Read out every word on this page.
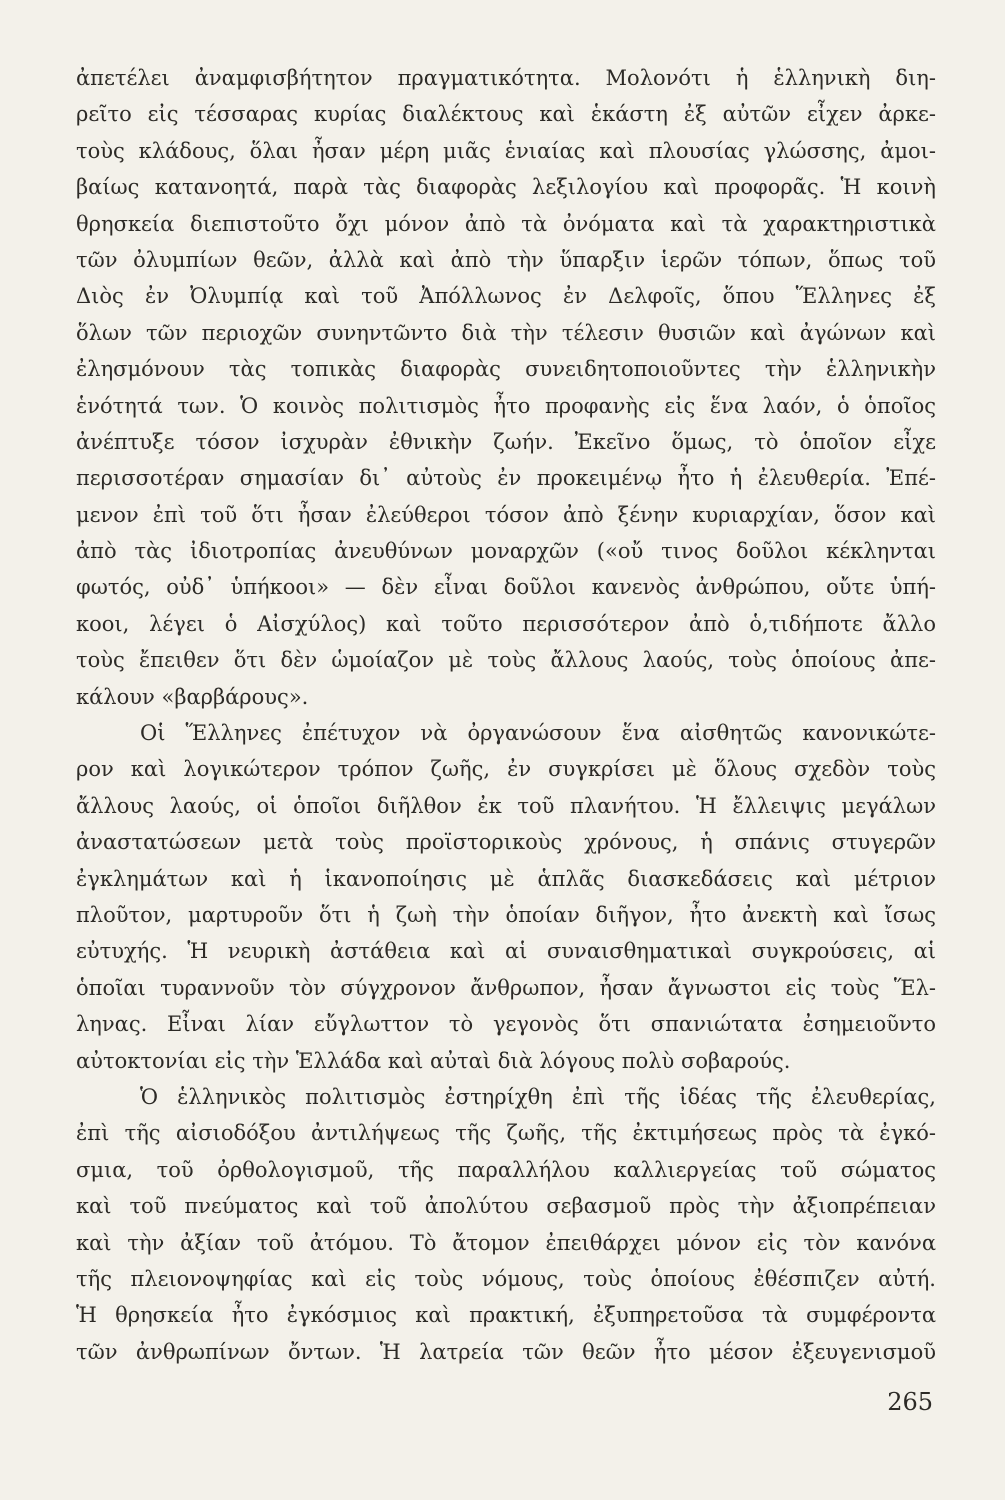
ἀπετέλει ἀναμφισβήτητον πραγματικότητα. Μολονότι ἡ ἑλληνικὴ διη-
ρεῖτο εἰς τέσσαρας κυρίας διαλέκτους καὶ ἑκάστη ἐξ αὐτῶν εἶχεν ἀρκε-
τοὺς κλάδους, ὅλαι ἦσαν μέρη μιᾶς ἑνιαίας καὶ πλουσίας γλώσσης, ἀμοι-
βαίως κατανοητά, παρὰ τὰς διαφορὰς λεξιλογίου καὶ προφορᾶς. Ἡ κοινὴ
θρησκεία διεπιστοῦτο ὄχι μόνον ἀπὸ τὰ ὀνόματα καὶ τὰ χαρακτηριστικὰ
τῶν ὀλυμπίων θεῶν, ἀλλὰ καὶ ἀπὸ τὴν ὕπαρξιν ἱερῶν τόπων, ὅπως τοῦ
Διὸς ἐν Ὀλυμπίᾳ καὶ τοῦ Ἀπόλλωνος ἐν Δελφοῖς, ὅπου Ἕλληνες ἐξ
ὅλων τῶν περιοχῶν συνηντῶντο διὰ τὴν τέλεσιν θυσιῶν καὶ ἀγώνων καὶ
ἐλησμόνουν τὰς τοπικὰς διαφορὰς συνειδητοποιοῦντες τὴν ἑλληνικὴν
ἑνότητά των. Ὁ κοινὸς πολιτισμὸς ἦτο προφανὴς εἰς ἕνα λαόν, ὁ ὁποῖος
ἀνέπτυξε τόσον ἰσχυρὰν ἐθνικὴν ζωήν. Ἐκεῖνο ὅμως, τὸ ὁποῖον εἶχε
περισσοτέραν σημασίαν δι᾽ αὐτοὺς ἐν προκειμένῳ ἦτο ἡ ἐλευθερία. Ἐπέ-
μενον ἐπὶ τοῦ ὅτι ἦσαν ἐλεύθεροι τόσον ἀπὸ ξένην κυριαρχίαν, ὅσον καὶ
ἀπὸ τὰς ἰδιοτροπίας ἀνευθύνων μοναρχῶν («οὔ τινος δοῦλοι κέκληνται
φωτός, οὐδ᾽ ὑπήκοοι» — δὲν εἶναι δοῦλοι κανενὸς ἀνθρώπου, οὔτε ὑπή-
κοοι, λέγει ὁ Αἰσχύλος) καὶ τοῦτο περισσότερον ἀπὸ ὁ,τιδήποτε ἄλλο
τοὺς ἔπειθεν ὅτι δὲν ὡμοίαζον μὲ τοὺς ἄλλους λαούς, τοὺς ὁποίους ἀπε-
κάλουν «βαρβάρους».
Οἱ Ἕλληνες ἐπέτυχον νὰ ὀργανώσουν ἕνα αἰσθητῶς κανονικώτε-
ρον καὶ λογικώτερον τρόπον ζωῆς, ἐν συγκρίσει μὲ ὅλους σχεδὸν τοὺς
ἄλλους λαούς, οἱ ὁποῖοι διῆλθον ἐκ τοῦ πλανήτου. Ἡ ἔλλειψις μεγάλων
ἀναστατώσεων μετὰ τοὺς προϊστορικοὺς χρόνους, ἡ σπάνις στυγερῶν
ἐγκλημάτων καὶ ἡ ἱκανοποίησις μὲ ἁπλᾶς διασκεδάσεις καὶ μέτριον
πλοῦτον, μαρτυροῦν ὅτι ἡ ζωὴ τὴν ὁποίαν διῆγον, ἦτο ἀνεκτὴ καὶ ἴσως
εὐτυχής. Ἡ νευρικὴ ἀστάθεια καὶ αἱ συναισθηματικαὶ συγκρούσεις, αἱ
ὁποῖαι τυραννοῦν τὸν σύγχρονον ἄνθρωπον, ἦσαν ἄγνωστοι εἰς τοὺς Ἕλ-
ληνας. Εἶναι λίαν εὔγλωττον τὸ γεγονὸς ὅτι σπανιώτατα ἐσημειοῦντο
αὐτοκτονίαι εἰς τὴν Ἑλλάδα καὶ αὐταὶ διὰ λόγους πολὺ σοβαρούς.
Ὁ ἑλληνικὸς πολιτισμὸς ἐστηρίχθη ἐπὶ τῆς ἰδέας τῆς ἐλευθερίας,
ἐπὶ τῆς αἰσιοδόξου ἀντιλήψεως τῆς ζωῆς, τῆς ἐκτιμήσεως πρὸς τὰ ἐγκό-
σμια, τοῦ ὀρθολογισμοῦ, τῆς παραλλήλου καλλιεργείας τοῦ σώματος
καὶ τοῦ πνεύματος καὶ τοῦ ἀπολύτου σεβασμοῦ πρὸς τὴν ἀξιοπρέπειαν
καὶ τὴν ἀξίαν τοῦ ἀτόμου. Τὸ ἄτομον ἐπειθάρχει μόνον εἰς τὸν κανόνα
τῆς πλειονοψηφίας καὶ εἰς τοὺς νόμους, τοὺς ὁποίους ἐθέσπιζεν αὐτή.
Ἡ θρησκεία ἦτο ἐγκόσμιος καὶ πρακτική, ἐξυπηρετοῦσα τὰ συμφέροντα
τῶν ἀνθρωπίνων ὄντων. Ἡ λατρεία τῶν θεῶν ἦτο μέσον ἐξευγενισμοῦ
265
